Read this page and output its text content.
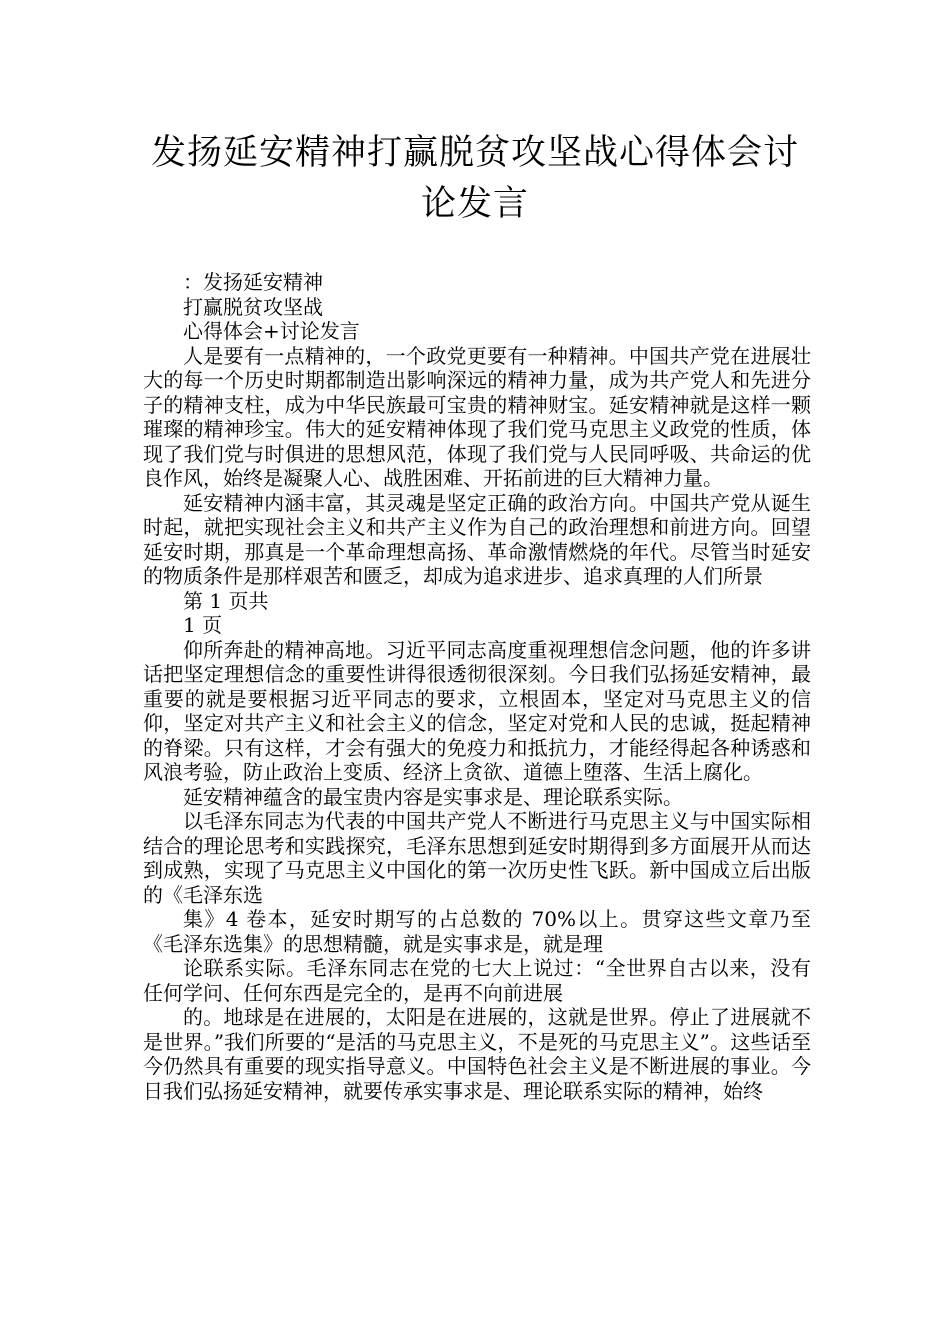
发扬延安精神打赢脱贫攻坚战心得体会讨
论发言

：发扬延安精神

打赢脱贫攻坚战

心得体会+讨论发言

人是要有一点精神的，一个政党更要有一种精神。中国共产党在进展壮大的每一个历史时期都制造出影响深远的精神力量，成为共产党人和先进分子的精神支柱，成为中华民族最可宝贵的精神财宝。延安精神就是这样一颗璀璨的精神珍宝。伟大的延安精神体现了我们党马克思主义政党的性质，体现了我们党与时俱进的思想风范，体现了我们党与人民同呼吸、共命运的优良作风，始终是凝聚人心、战胜困难、开拓前进的巨大精神力量。

延安精神内涵丰富，其灵魂是坚定正确的政治方向。中国共产党从诞生时起，就把实现社会主义和共产主义作为自己的政治理想和前进方向。回望延安时期，那真是一个革命理想高扬、革命激情燃烧的年代。尽管当时延安的物质条件是那样艰苦和匮乏，却成为追求进步、追求真理的人们所景

第 1 页共

1 页

仰所奔赴的精神高地。习近平同志高度重视理想信念问题，他的许多讲话把坚定理想信念的重要性讲得很透彻很深刻。今日我们弘扬延安精神，最重要的就是要根据习近平同志的要求，立根固本，坚定对马克思主义的信仰，坚定对共产主义和社会主义的信念，坚定对党和人民的忠诚，挺起精神的脊梁。只有这样，才会有强大的免疫力和抵抗力，才能经得起各种诱惑和风浪考验，防止政治上变质、经济上贪欲、道德上堕落、生活上腐化。

延安精神蕴含的最宝贵内容是实事求是、理论联系实际。

以毛泽东同志为代表的中国共产党人不断进行马克思主义与中国实际相结合的理论思考和实践探究，毛泽东思想到延安时期得到多方面展开从而达到成熟，实现了马克思主义中国化的第一次历史性飞跃。新中国成立后出版的《毛泽东选

集》4 卷本，延安时期写的占总数的 70%以上。贯穿这些文章乃至《毛泽东选集》的思想精髓，就是实事求是，就是理

论联系实际。毛泽东同志在党的七大上说过：“全世界自古以来，没有任何学问、任何东西是完全的，是再不向前进展

的。地球是在进展的，太阳是在进展的，这就是世界。停止了进展就不是世界。”我们所要的“是活的马克思主义，不是死的马克思主义”。这些话至今仍然具有重要的现实指导意义。中国特色社会主义是不断进展的事业。今日我们弘扬延安精神，就要传承实事求是、理论联系实际的精神，始终
